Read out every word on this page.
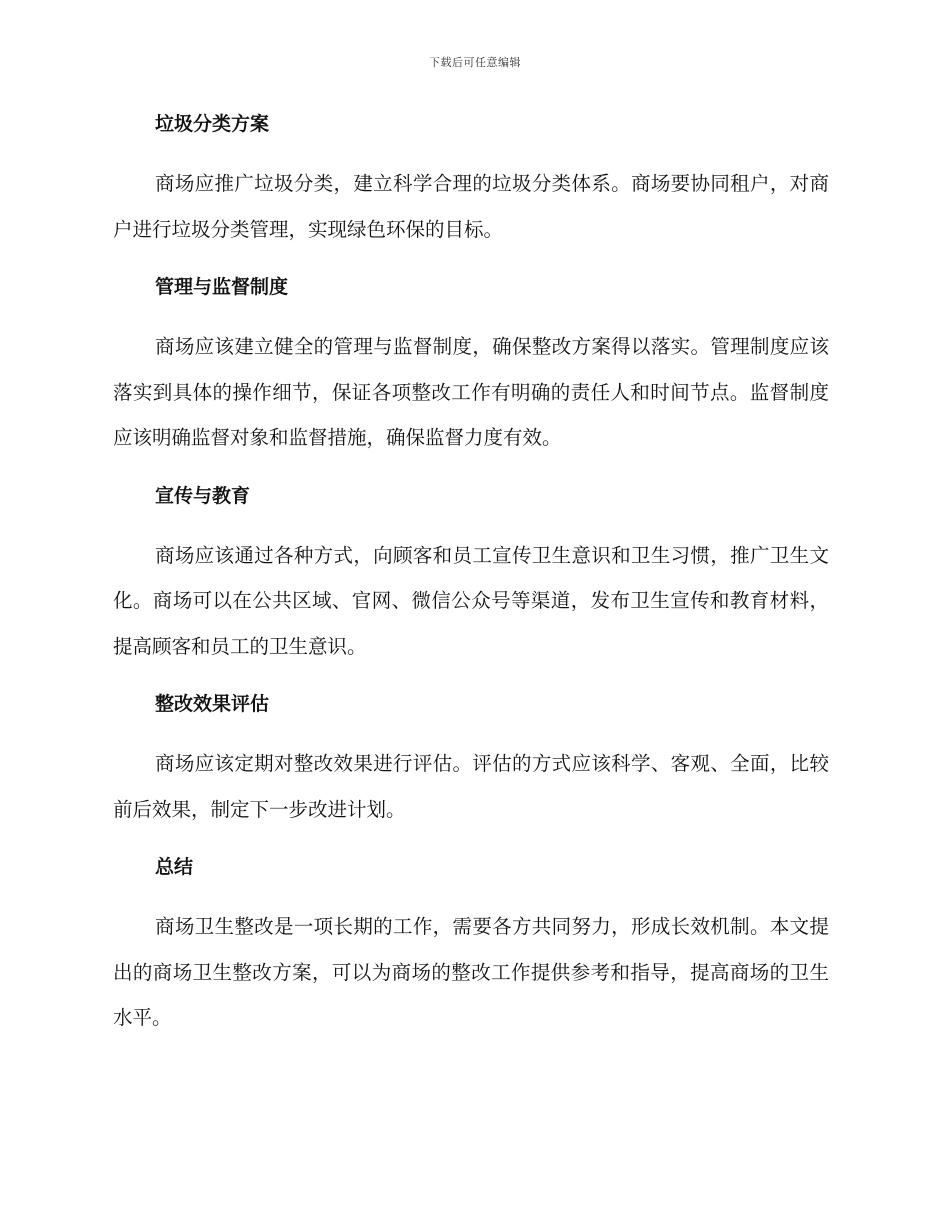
下载后可任意编辑
垃圾分类方案

商场应推广垃圾分类，建立科学合理的垃圾分类体系。商场要协同租户，对商户进行垃圾分类管理，实现绿色环保的目标。

管理与监督制度

商场应该建立健全的管理与监督制度，确保整改方案得以落实。管理制度应该落实到具体的操作细节，保证各项整改工作有明确的责任人和时间节点。监督制度应该明确监督对象和监督措施，确保监督力度有效。

宣传与教育

商场应该通过各种方式，向顾客和员工宣传卫生意识和卫生习惯，推广卫生文化。商场可以在公共区域、官网、微信公众号等渠道，发布卫生宣传和教育材料，提高顾客和员工的卫生意识。

整改效果评估

商场应该定期对整改效果进行评估。评估的方式应该科学、客观、全面，比较前后效果，制定下一步改进计划。

总结

商场卫生整改是一项长期的工作，需要各方共同努力，形成长效机制。本文提出的商场卫生整改方案，可以为商场的整改工作提供参考和指导，提高商场的卫生水平。
